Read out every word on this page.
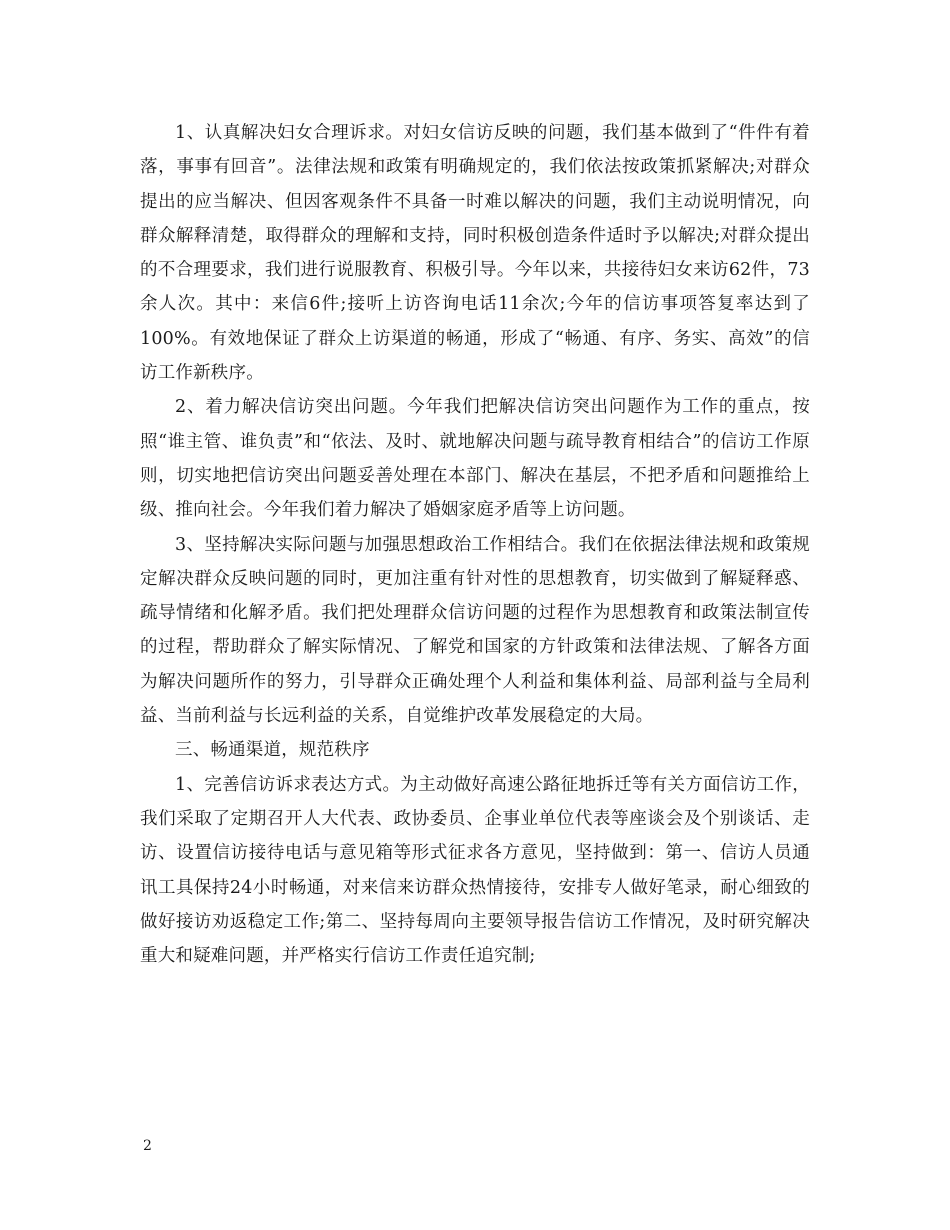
1、认真解决妇女合理诉求。对妇女信访反映的问题，我们基本做到了“件件有着落，事事有回音”。法律法规和政策有明确规定的，我们依法按政策抓紧解决;对群众提出的应当解决、但因客观条件不具备一时难以解决的问题，我们主动说明情况，向群众解释清楚，取得群众的理解和支持，同时积极创造条件适时予以解决;对群众提出的不合理要求，我们进行说服教育、积极引导。今年以来，共接待妇女来访62件，73余人次。其中：来信6件;接听上访咨询电话11余次;今年的信访事项答复率达到了100%。有效地保证了群众上访渠道的畅通，形成了“畅通、有序、务实、高效”的信访工作新秩序。

2、着力解决信访突出问题。今年我们把解决信访突出问题作为工作的重点，按照“谁主管、谁负责”和“依法、及时、就地解决问题与疏导教育相结合”的信访工作原则，切实地把信访突出问题妥善处理在本部门、解决在基层，不把矛盾和问题推给上级、推向社会。今年我们着力解决了婚姻家庭矛盾等上访问题。

3、坚持解决实际问题与加强思想政治工作相结合。我们在依据法律法规和政策规定解决群众反映问题的同时，更加注重有针对性的思想教育，切实做到了解疑释惑、疏导情绪和化解矛盾。我们把处理群众信访问题的过程作为思想教育和政策法制宣传的过程，帮助群众了解实际情况、了解党和国家的方针政策和法律法规、了解各方面为解决问题所作的努力，引导群众正确处理个人利益和集体利益、局部利益与全局利益、当前利益与长远利益的关系，自觉维护改革发展稳定的大局。

三、畅通渠道，规范秩序

1、完善信访诉求表达方式。为主动做好高速公路征地拆迁等有关方面信访工作，我们采取了定期召开人大代表、政协委员、企事业单位代表等座谈会及个别谈话、走访、设置信访接待电话与意见箱等形式征求各方意见，坚持做到：第一、信访人员通讯工具保持24小时畅通，对来信来访群众热情接待，安排专人做好笔录，耐心细致的做好接访劝返稳定工作;第二、坚持每周向主要领导报告信访工作情况，及时研究解决重大和疑难问题，并严格实行信访工作责任追究制;

2
